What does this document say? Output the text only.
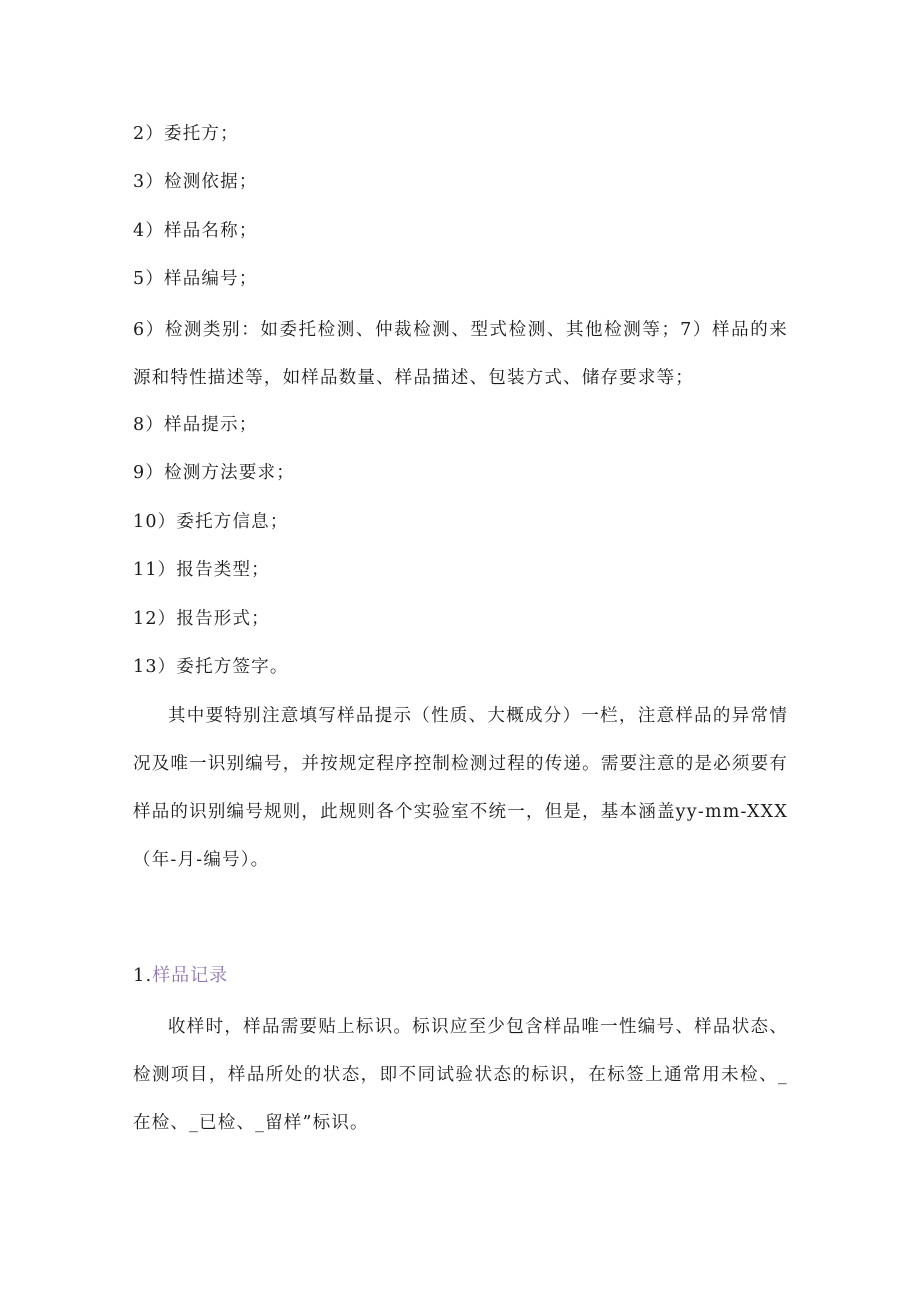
2）委托方；
3）检测依据；
4）样品名称；
5）样品编号；
6）检测类别：如委托检测、仲裁检测、型式检测、其他检测等；7）样品的来源和特性描述等，如样品数量、样品描述、包装方式、储存要求等；
8）样品提示；
9）检测方法要求；
10）委托方信息；
11）报告类型；
12）报告形式；
13）委托方签字。
其中要特别注意填写样品提示（性质、大概成分）一栏，注意样品的异常情况及唯一识别编号，并按规定程序控制检测过程的传递。需要注意的是必须要有样品的识别编号规则，此规则各个实验室不统一，但是，基本涵盖yy-mm-XXX（年-月-编号）。
1.样品记录
收样时，样品需要贴上标识。标识应至少包含样品唯一性编号、样品状态、检测项目，样品所处的状态，即不同试验状态的标识，在标签上通常用未检、_在检、_已检、_留样”标识。
